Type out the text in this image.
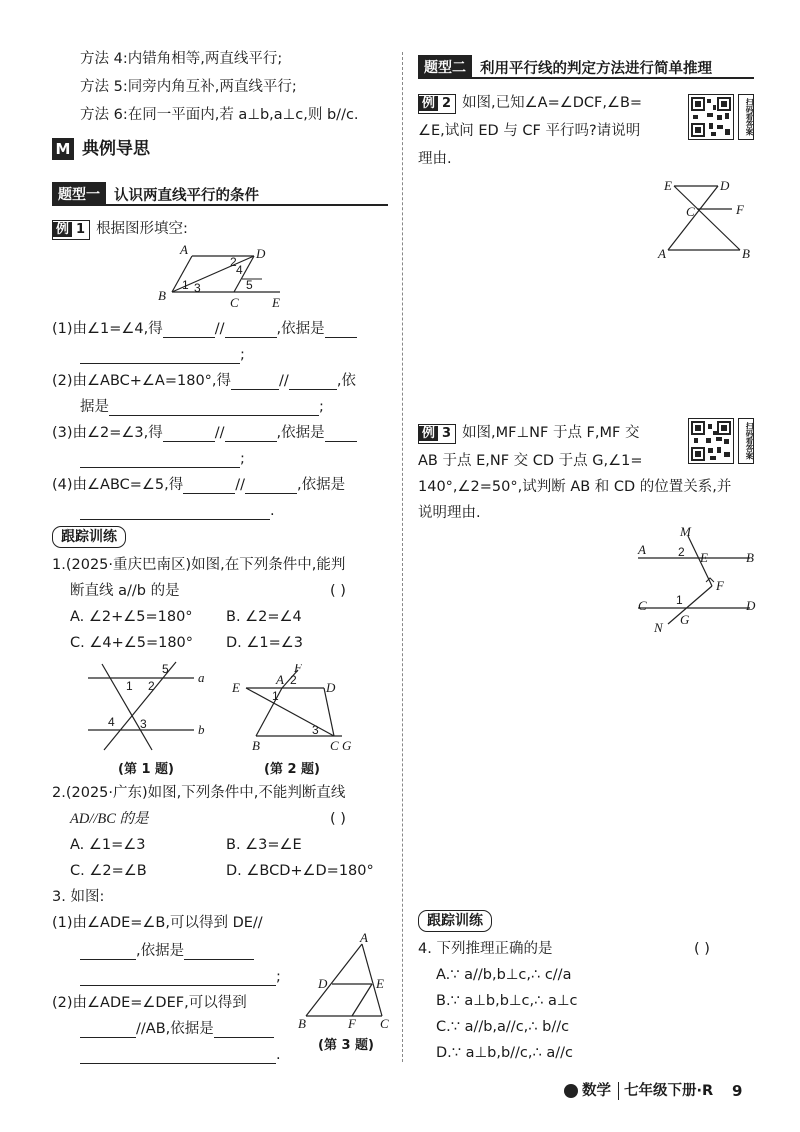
方法 4:内错角相等,两直线平行;
方法 5:同旁内角互补,两直线平行;
方法 6:在同一平面内,若 a⊥b,a⊥c,则 b//c.
M 典例导思
题型一 认识两直线平行的条件
例 1 根据图形填空:
A	D
B	C	E
1
2
3
4
5
(1)由∠1=∠4,得	//	,依据是
;
(2)由∠ABC+∠A=180°,得	//	,依
据是	;
(3)由∠2=∠3,得	//	,依据是
;
(4)由∠ABC=∠5,得	//	,依据是
.
跟踪训练
1.(2025·重庆巴南区)如图,在下列条件中,能判
断直线 a//b 的是	( )
A. ∠2+∠5=180° B. ∠2=∠4
C. ∠4+∠5=180° D. ∠1=∠3
5
a
1 2
4 3	b
(第 1 题)
F
E
A 2 D
1
B
3
C G
(第 2 题)
2.(2025·广东)如图,下列条件中,不能判断直线
AD//BC 的是	( )
A. ∠1=∠3	B. ∠3=∠E
C. ∠2=∠B	D. ∠BCD+∠D=180°
3. 如图:
(1)由∠ADE=∠B,可以得到 DE//
,依据是
;
(2)由∠ADE=∠DEF,可以得到
//AB,依据是
.
A
D	E
B	F C
(第 3 题)
题型二 利用平行线的判定方法进行简单推理
例 2 如图,已知∠A=∠DCF,∠B=
∠E,试问 ED 与 CF 平行吗?请说明
理由.
扫码看答案
E	D
C	F
A	B
例 3 如图,MF⊥NF 于点 F,MF 交
AB 于点 E,NF 交 CD 于点 G,∠1=
140°,∠2=50°,试判断 AB 和 CD 的位置关系,并
说明理由.
扫码看答案
M
A	2 E	B
F
C 1	D
N
G
跟踪训练
4. 下列推理正确的是	( )
A.∵ a//b,b⊥c,∴ c//a
B.∵ a⊥b,b⊥c,∴ a⊥c
C.∵ a//b,a//c,∴ b//c
D.∵ a⊥b,b//c,∴ a//c
数学 七年级下册·R 9
